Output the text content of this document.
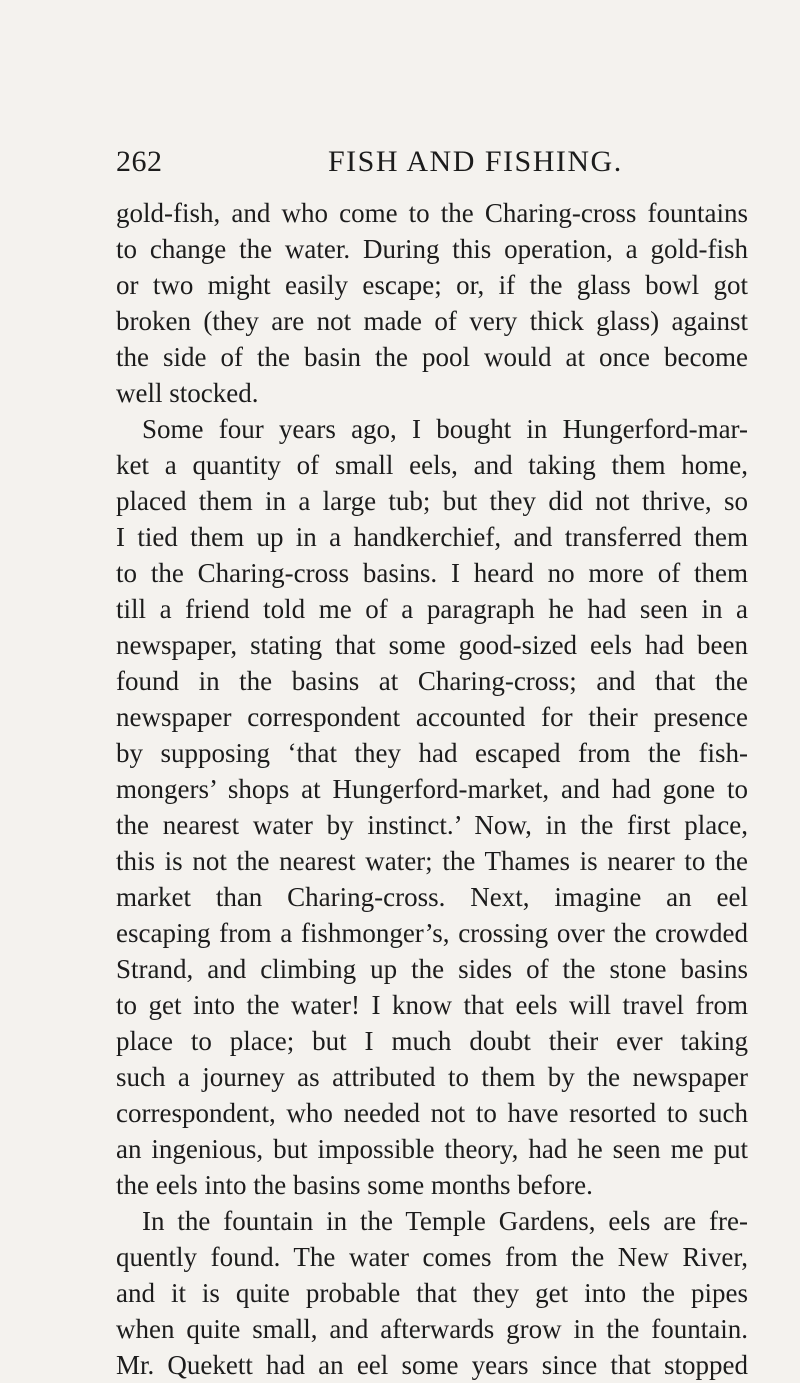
262	FISH AND FISHING.
gold-fish, and who come to the Charing-cross fountains
to change the water. During this operation, a gold-fish
or two might easily escape; or, if the glass bowl got
broken (they are not made of very thick glass) against
the side of the basin the pool would at once become
well stocked.
Some four years ago, I bought in Hungerford-mar-
ket a quantity of small eels, and taking them home,
placed them in a large tub; but they did not thrive, so
I tied them up in a handkerchief, and transferred them
to the Charing-cross basins. I heard no more of them
till a friend told me of a paragraph he had seen in a
newspaper, stating that some good-sized eels had been
found in the basins at Charing-cross; and that the
newspaper correspondent accounted for their presence
by supposing ‘that they had escaped from the fish-
mongers’ shops at Hungerford-market, and had gone to
the nearest water by instinct.’ Now, in the first place,
this is not the nearest water; the Thames is nearer to the
market than Charing-cross. Next, imagine an eel
escaping from a fishmonger’s, crossing over the crowded
Strand, and climbing up the sides of the stone basins
to get into the water! I know that eels will travel from
place to place; but I much doubt their ever taking
such a journey as attributed to them by the newspaper
correspondent, who needed not to have resorted to such
an ingenious, but impossible theory, had he seen me put
the eels into the basins some months before.
In the fountain in the Temple Gardens, eels are fre-
quently found. The water comes from the New River,
and it is quite probable that they get into the pipes
when quite small, and afterwards grow in the fountain.
Mr. Quekett had an eel some years since that stopped
